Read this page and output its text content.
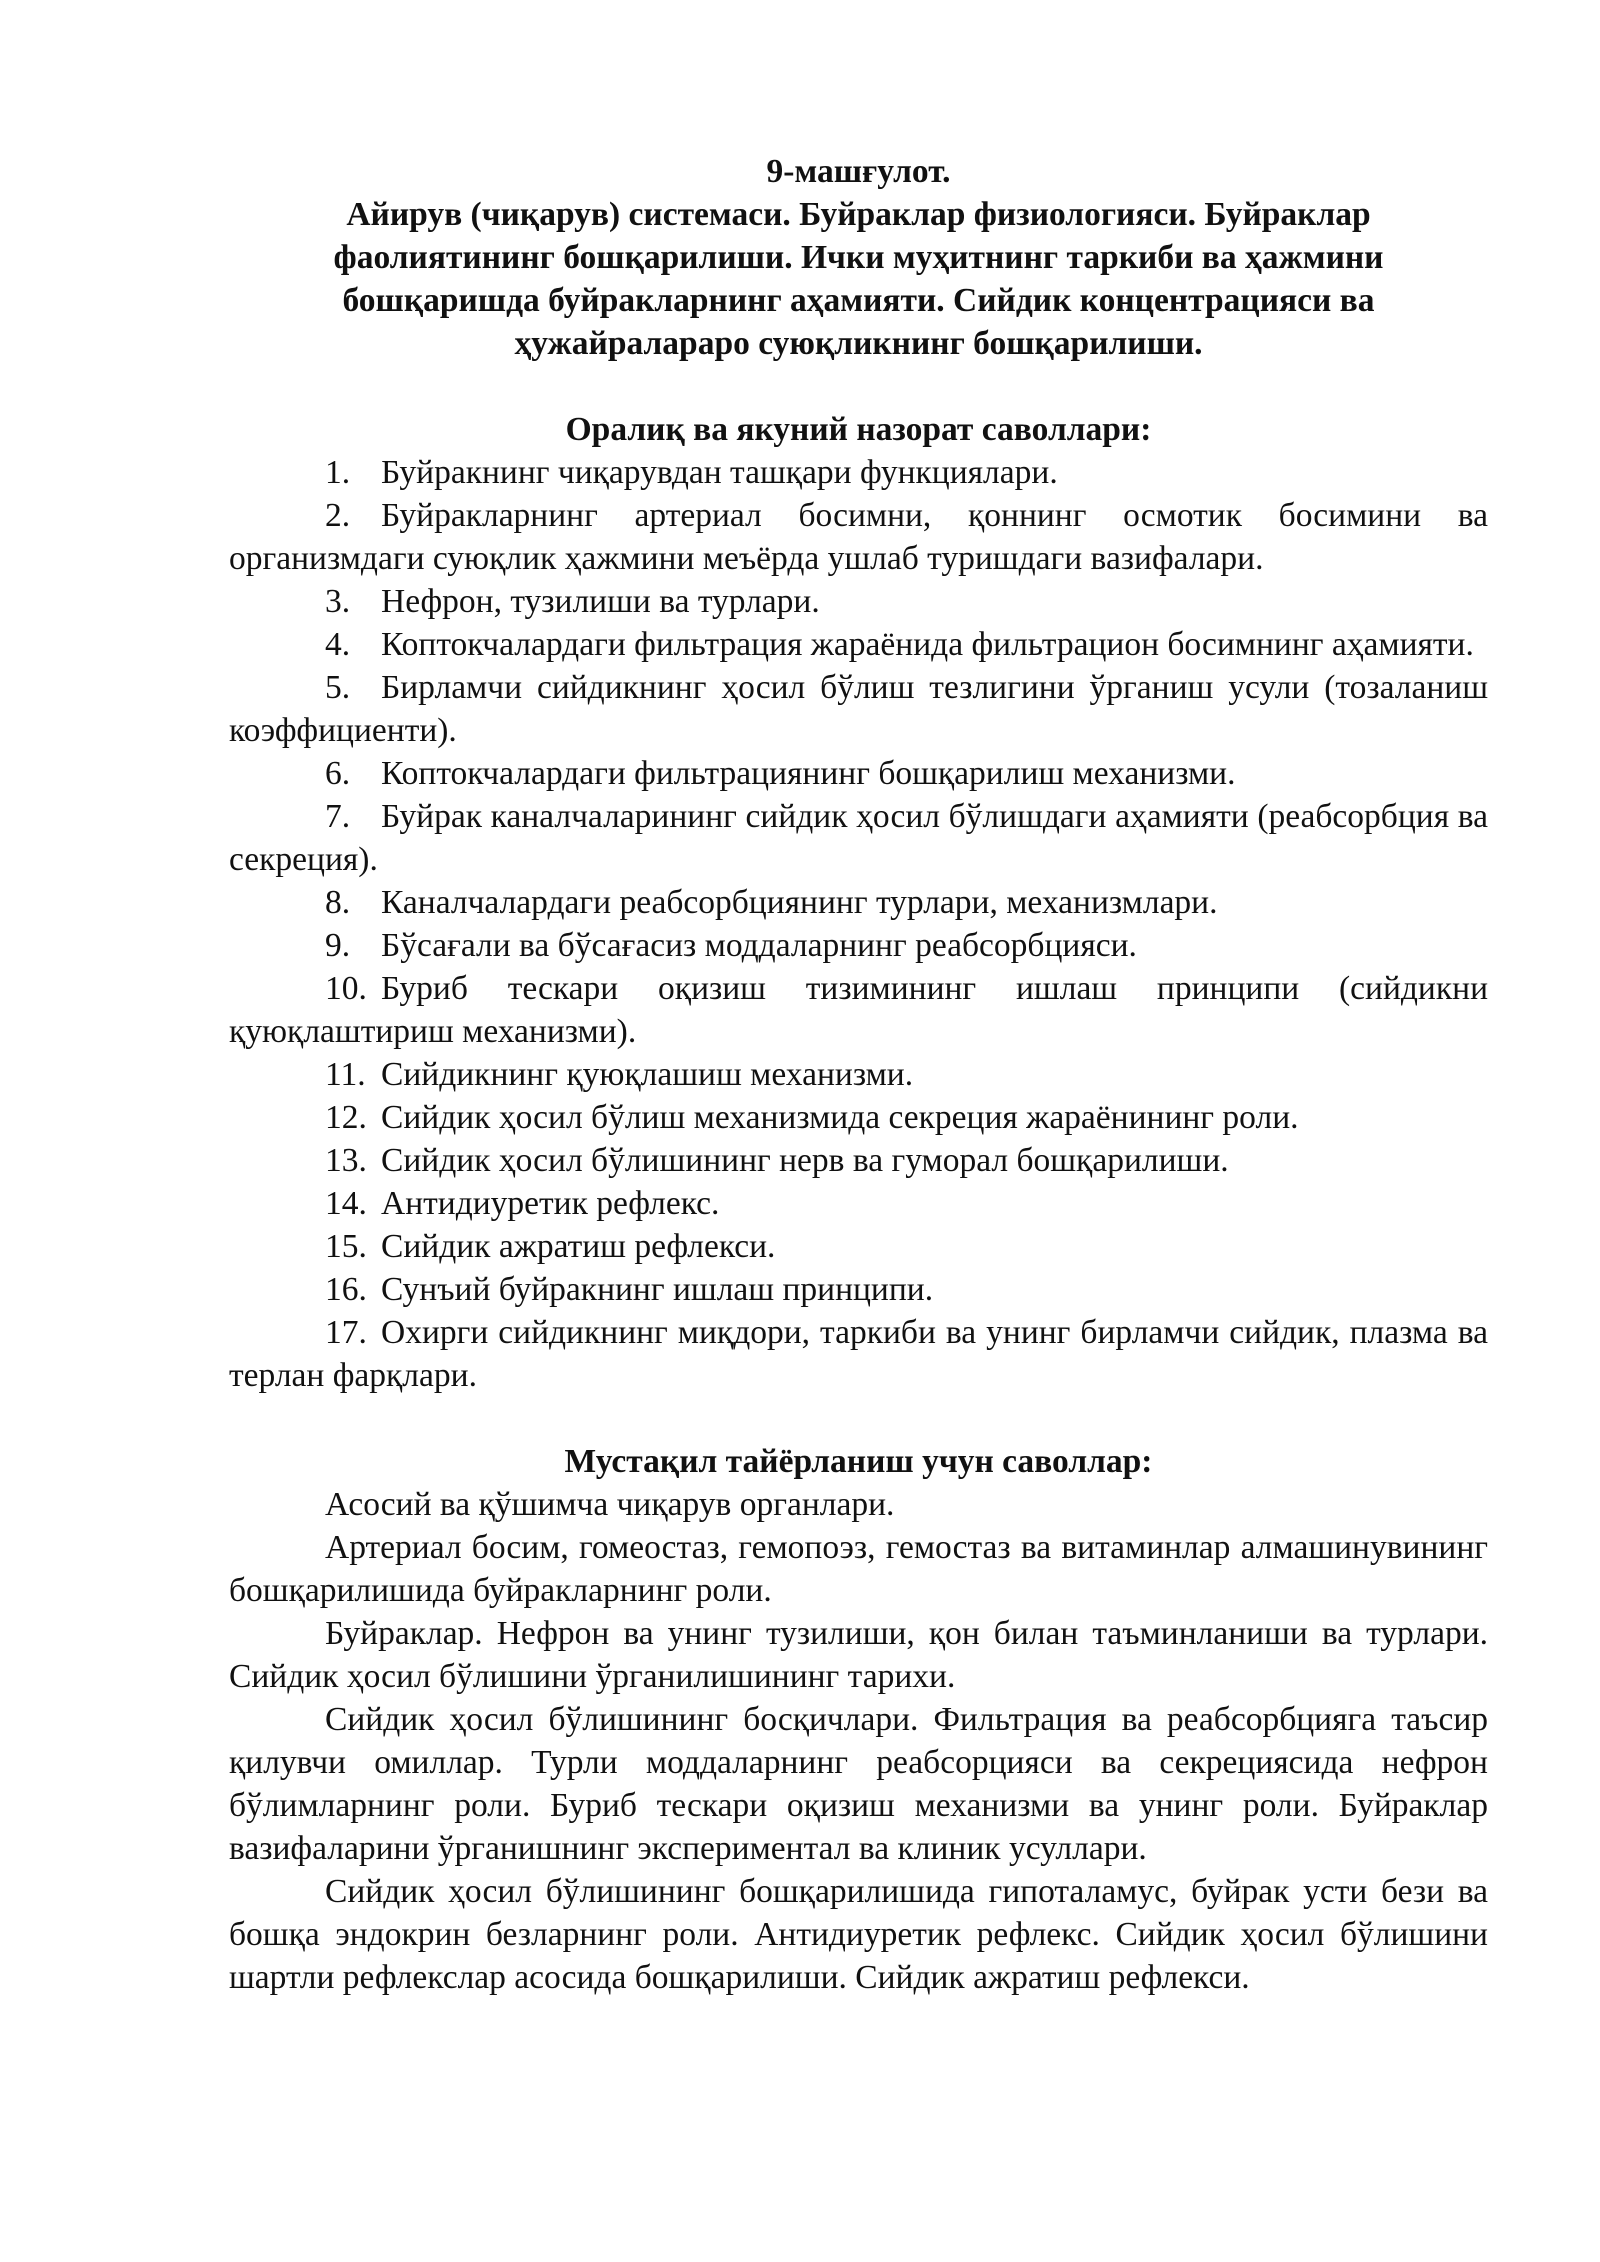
9-машғулот.
Айирув (чиқарув) системаси. Буйраклар физиологияси. Буйраклар
фаолиятининг бошқарилиши. Ички муҳитнинг таркиби ва ҳажмини
бошқаришда буйракларнинг аҳамияти. Сийдик концентрацияси ва
ҳужайралараро суюқликнинг бошқарилиши.
Оралиқ ва якуний назорат саволлари:
1. Буйракнинг чиқарувдан ташқари функциялари.
2. Буйракларнинг артериал босимни, қоннинг осмотик босимини ва организмдаги суюқлик ҳажмини меъёрда ушлаб туришдаги вазифалари.
3. Нефрон, тузилиши ва турлари.
4. Коптокчалардаги фильтрация жараёнида фильтрацион босимнинг аҳамияти.
5. Бирламчи сийдикнинг ҳосил бўлиш тезлигини ўрганиш усули (тозаланиш коэффициенти).
6. Коптокчалардаги фильтрациянинг бошқарилиш механизми.
7. Буйрак каналчаларининг сийдик ҳосил бўлишдаги аҳамияти (реабсорбция ва секреция).
8. Каналчалардаги реабсорбциянинг турлари, механизмлари.
9. Бўсағали ва бўсағасиз моддаларнинг реабсорбцияси.
10. Буриб тескари оқизиш тизимининг ишлаш принципи (сийдикни қуюқлаштириш механизми).
11. Сийдикнинг қуюқлашиш механизми.
12. Сийдик ҳосил бўлиш механизмида секреция жараёнининг роли.
13. Сийдик ҳосил бўлишининг нерв ва гуморал бошқарилиши.
14. Антидиуретик рефлекс.
15. Сийдик ажратиш рефлекси.
16. Сунъий буйракнинг ишлаш принципи.
17. Охирги сийдикнинг миқдори, таркиби ва унинг бирламчи сийдик, плазма ва терлан фарқлари.
Мустақил тайёрланиш учун саволлар:

Асосий ва қўшимча чиқарув органлари.

Артериал босим, гомеостаз, гемопоэз, гемостаз ва витаминлар алмашинувининг бошқарилишида буйракларнинг роли.

Буйраклар. Нефрон ва унинг тузилиши, қон билан таъминланиши ва турлари. Сийдик ҳосил бўлишини ўрганилишининг тарихи.

Сийдик ҳосил бўлишининг босқичлари. Фильтрация ва реабсорбцияга таъсир қилувчи омиллар. Турли моддаларнинг реабсорцияси ва секрециясида нефрон бўлимларнинг роли. Буриб тескари оқизиш механизми ва унинг роли. Буйраклар вазифаларини ўрганишнинг экспериментал ва клиник усуллари.

Сийдик ҳосил бўлишининг бошқарилишида гипоталамус, буйрак усти бези ва бошқа эндокрин безларнинг роли. Антидиуретик рефлекс. Сийдик ҳосил бўлишини шартли рефлекслар асосида бошқарилиши. Сийдик ажратиш рефлекси.
